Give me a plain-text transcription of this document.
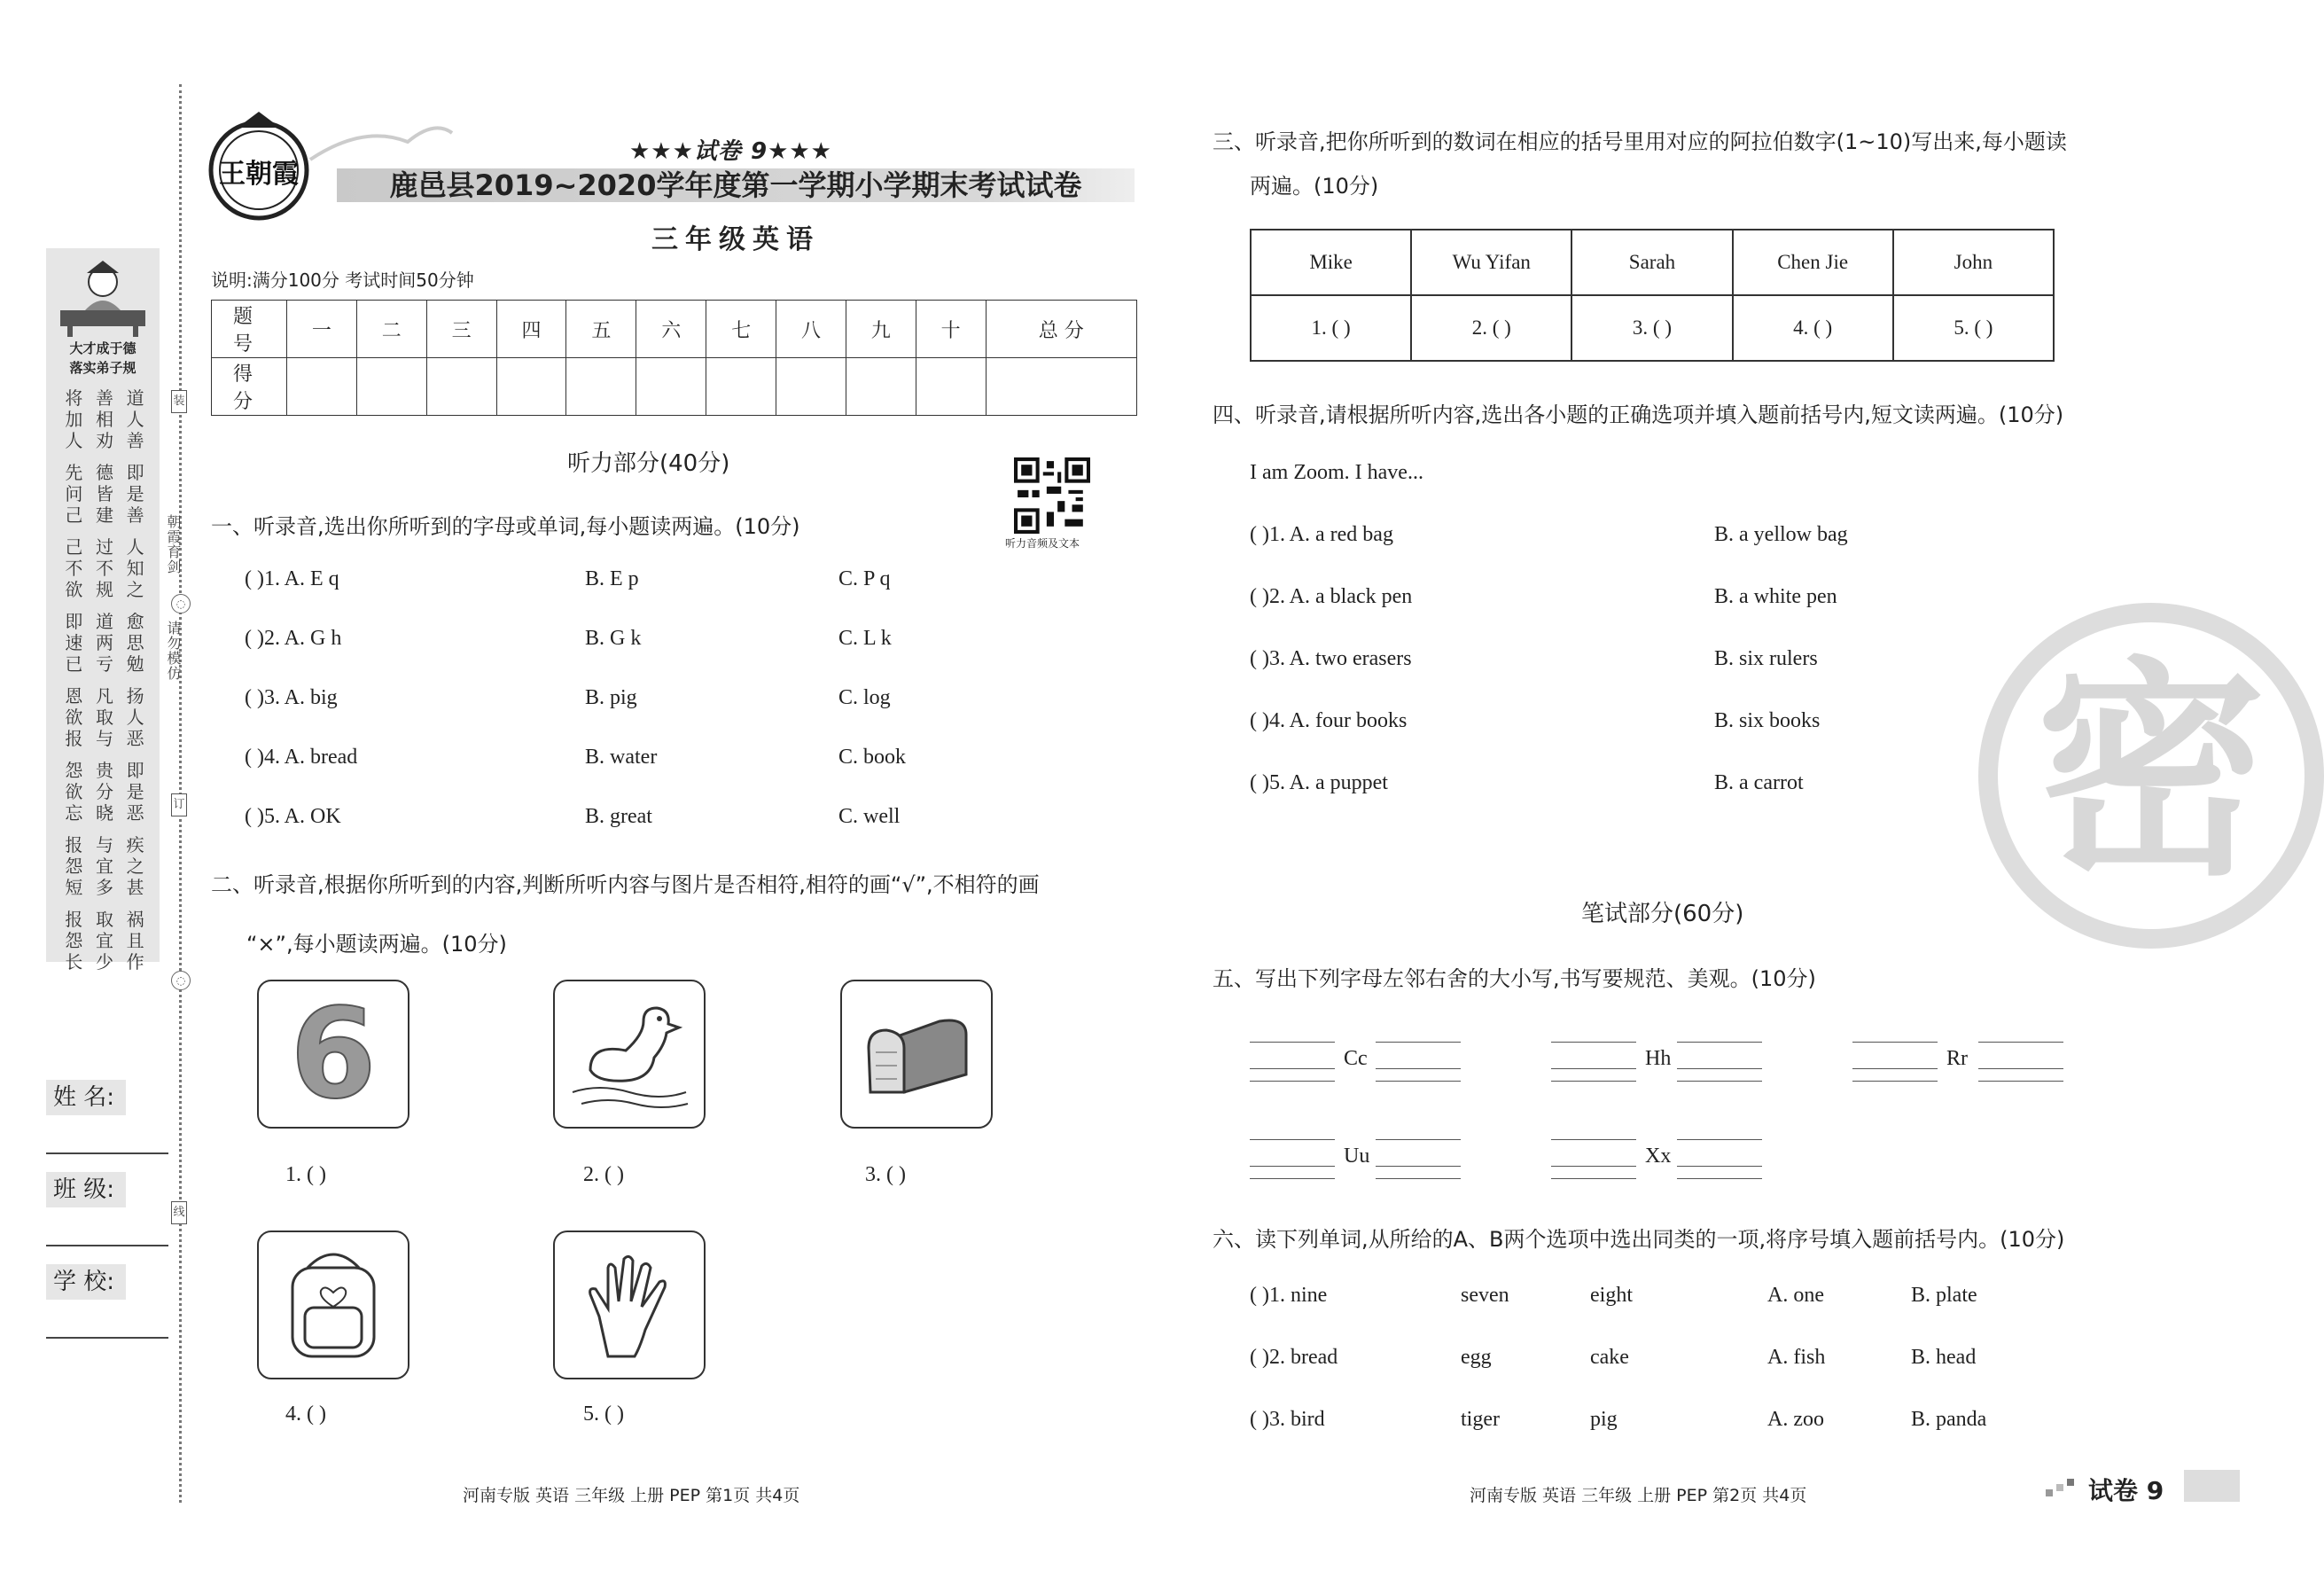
大才成于德
落实弟子规
将 善 道
加 相 人
人 劝 善
先 德 即
问 皆 是
己 建 善
己 过 人
不 不 知
欲 规 之
即 道 愈
速 两 思
已 亏 勉
恩 凡 扬
欲 取 人
报 与 恶
怨 贵 即
欲 分 是
忘 晓 恶
报 与 疾
怨 宜 之
短 多 甚
报 取 祸
怨 宜 且
长 少 作
装
朝霞育剑
◌
请勿模仿
订
◌
线
姓 名:
班 级:
学 校:
王朝霞
★★★试卷 9★★★
鹿邑县2019~2020学年度第一学期小学期末考试试卷
三年级英语
说明:满分100分 考试时间50分钟
题 号	一	二	三	四	五	六	七	八	九	十	总 分
得 分											
听力部分(40分)
听力音频及文本
一、听录音,选出你所听到的字母或单词,每小题读两遍。(10分)
( )1. A. E q	B. E p	C. P q
( )2. A. G h	B. G k	C. L k
( )3. A. big	B. pig	C. log
( )4. A. bread	B. water	C. book
( )5. A. OK	B. great	C. well
二、听录音,根据你所听到的内容,判断所听内容与图片是否相符,相符的画“√”,不相符的画
“×”,每小题读两遍。(10分)
6
1. ( )	2. ( )	3. ( )
4. ( )	5. ( )
三、听录音,把你所听到的数词在相应的括号里用对应的阿拉伯数字(1~10)写出来,每小题读
两遍。(10分)
Mike	Wu Yifan	Sarah	Chen Jie	John
1. ( )	2. ( )	3. ( )	4. ( )	5. ( )
四、听录音,请根据所听内容,选出各小题的正确选项并填入题前括号内,短文读两遍。(10分)
I am Zoom. I have...
( )1. A. a red bag	B. a yellow bag
( )2. A. a black pen	B. a white pen
( )3. A. two erasers	B. six rulers
( )4. A. four books	B. six books
( )5. A. a puppet	B. a carrot 密
笔试部分(60分)
五、写出下列字母左邻右舍的大小写,书写要规范、美观。(10分)
Cc	Hh	Rr
Uu	Xx
六、读下列单词,从所给的A、B两个选项中选出同类的一项,将序号填入题前括号内。(10分)
( )1. nine	seven	eight	A. one	B. plate
( )2. bread	egg	cake	A. fish	B. head
( )3. bird	tiger	pig	A. zoo	B. panda
河南专版 英语 三年级 上册 PEP 第1页 共4页	河南专版 英语 三年级 上册 PEP 第2页 共4页	试卷 9
